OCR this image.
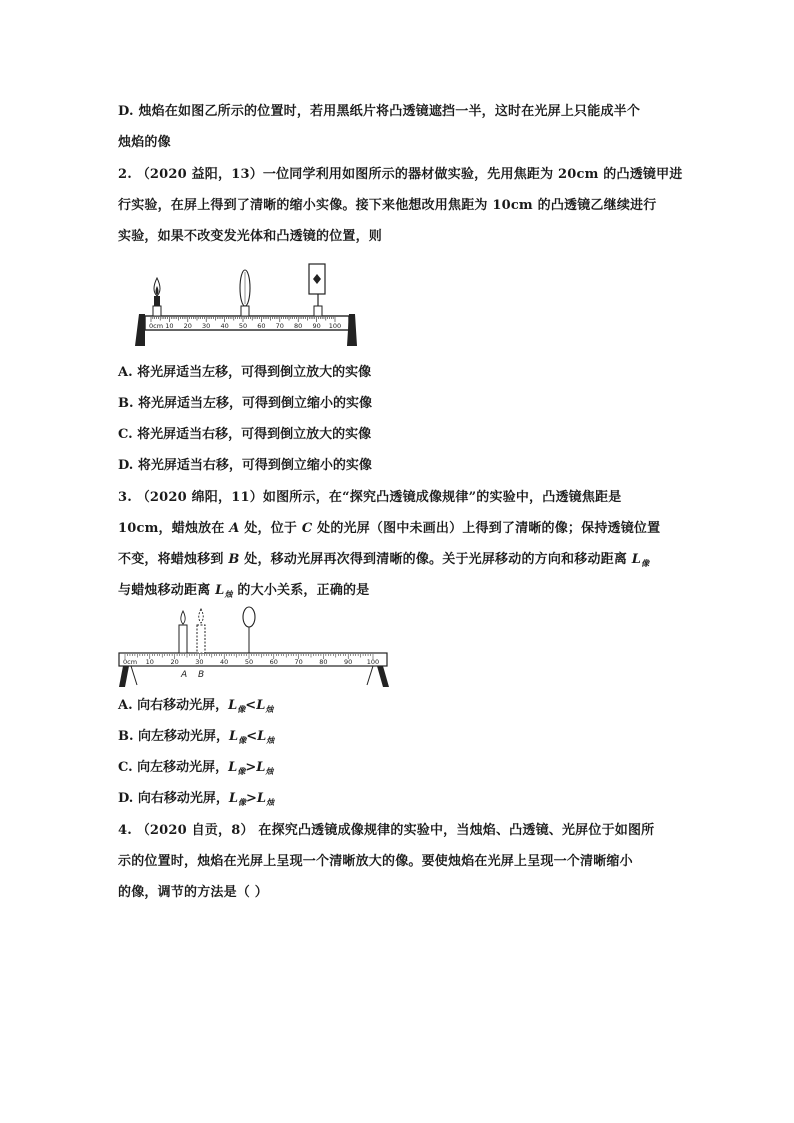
D. 烛焰在如图乙所示的位置时，若用黑纸片将凸透镜遮挡一半，这时在光屏上只能成半个
烛焰的像
2. （2020 益阳，13）一位同学利用如图所示的器材做实验，先用焦距为 20cm 的凸透镜甲进
行实验，在屏上得到了清晰的缩小实像。接下来他想改用焦距为 10cm 的凸透镜乙继续进行
实验，如果不改变发光体和凸透镜的位置，则
0cm 10 20 30 40 50 60 70 80 90 100
A. 将光屏适当左移，可得到倒立放大的实像
B. 将光屏适当左移，可得到倒立缩小的实像
C. 将光屏适当右移，可得到倒立放大的实像
D. 将光屏适当右移，可得到倒立缩小的实像
3. （2020 绵阳，11）如图所示，在“探究凸透镜成像规律”的实验中，凸透镜焦距是
10cm，蜡烛放在 A 处，位于 C 处的光屏（图中未画出）上得到了清晰的像；保持透镜位置
不变，将蜡烛移到 B 处，移动光屏再次得到清晰的像。关于光屏移动的方向和移动距离 $L_像$
与蜡烛移动距离 $L_烛$ 的大小关系，正确的是
0cm 10	20	30	40	50	60	70	80	90 100
A B
A. 向右移动光屏，$L_像<L_烛$
B. 向左移动光屏，$L_像<L_烛$
C. 向左移动光屏，$L_像>L_烛$
D. 向右移动光屏，$L_像>L_烛$
4. （2020 自贡，8） 在探究凸透镜成像规律的实验中，当烛焰、凸透镜、光屏位于如图所
示的位置时，烛焰在光屏上呈现一个清晰放大的像。要使烛焰在光屏上呈现一个清晰缩小
的像，调节的方法是（ ）
